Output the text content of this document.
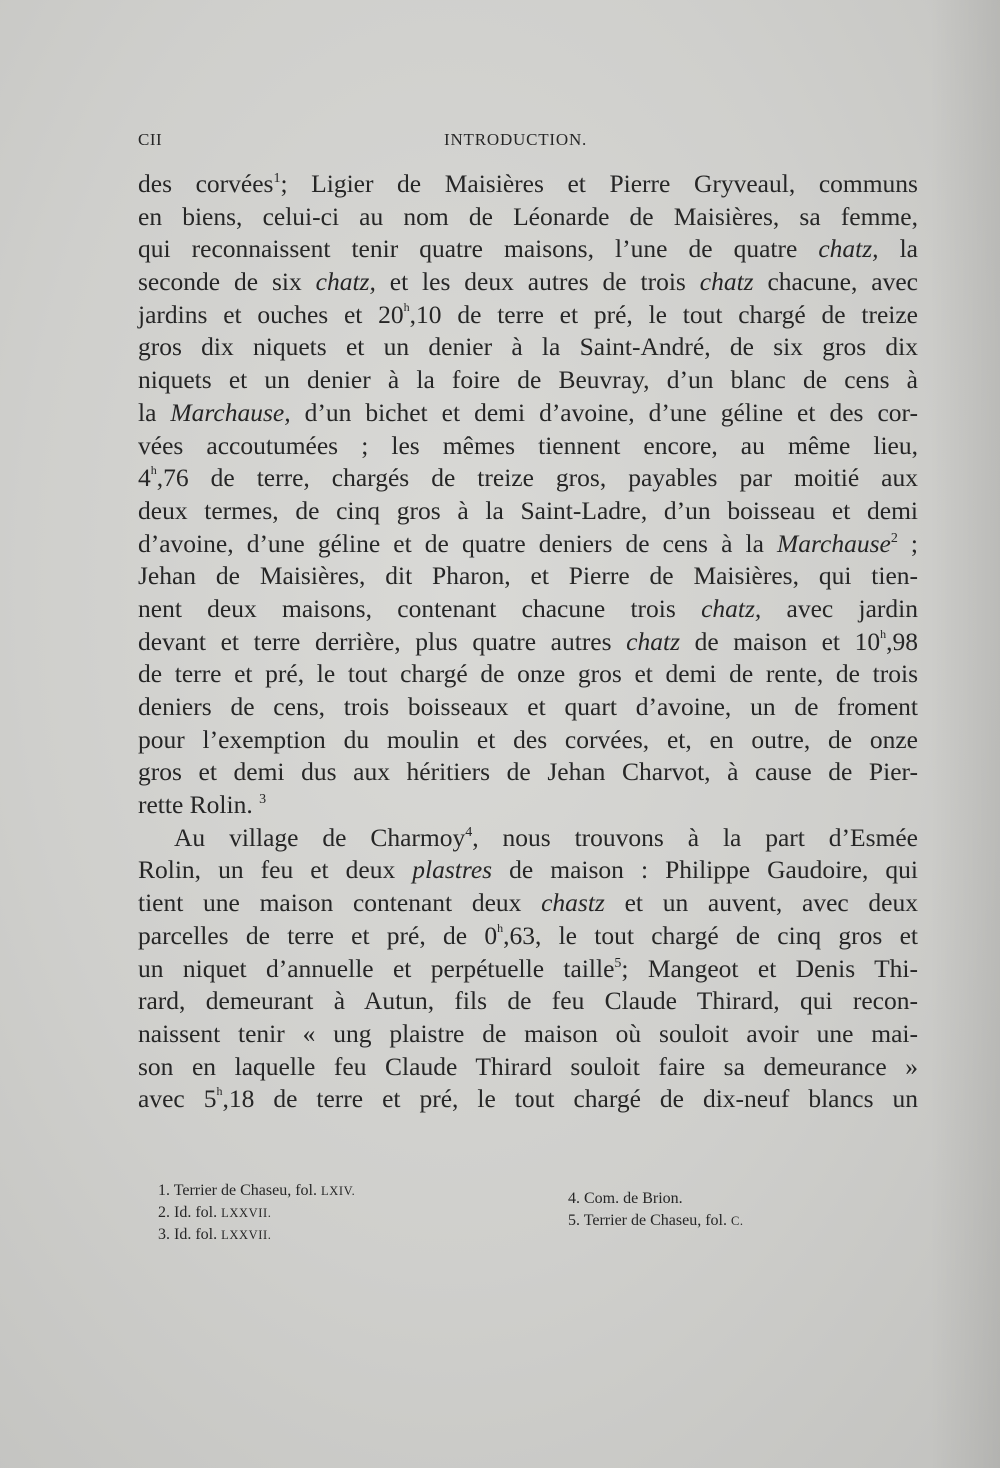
CII	INTRODUCTION.
des corvées$^1$; Ligier de Maisières et Pierre Gryveaul, communs
en biens, celui-ci au nom de Léonarde de Maisières, sa femme,
qui reconnaissent tenir quatre maisons, l’une de quatre chatz, la
seconde de six chatz, et les deux autres de trois chatz chacune, avec
jardins et ouches et 20$^h$,10 de terre et pré, le tout chargé de treize
gros dix niquets et un denier à la Saint-André, de six gros dix
niquets et un denier à la foire de Beuvray, d’un blanc de cens à
la Marchause, d’un bichet et demi d’avoine, d’une géline et des cor-
vées accoutumées ; les mêmes tiennent encore, au même lieu,
4$^h$,76 de terre, chargés de treize gros, payables par moitié aux
deux termes, de cinq gros à la Saint-Ladre, d’un boisseau et demi
d’avoine, d’une géline et de quatre deniers de cens à la Marchause$^2$ ;
Jehan de Maisières, dit Pharon, et Pierre de Maisières, qui tien-
nent deux maisons, contenant chacune trois chatz, avec jardin
devant et terre derrière, plus quatre autres chatz de maison et 10$^h$,98
de terre et pré, le tout chargé de onze gros et demi de rente, de trois
deniers de cens, trois boisseaux et quart d’avoine, un de froment
pour l’exemption du moulin et des corvées, et, en outre, de onze
gros et demi dus aux héritiers de Jehan Charvot, à cause de Pier-
rette Rolin. $^3$
Au village de Charmoy$^4$, nous trouvons à la part d’Esmée
Rolin, un feu et deux plastres de maison : Philippe Gaudoire, qui
tient une maison contenant deux chastz et un auvent, avec deux
parcelles de terre et pré, de 0$^h$,63, le tout chargé de cinq gros et
un niquet d’annuelle et perpétuelle taille$^5$; Mangeot et Denis Thi-
rard, demeurant à Autun, fils de feu Claude Thirard, qui recon-
naissent tenir « ung plaistre de maison où souloit avoir une mai-
son en laquelle feu Claude Thirard souloit faire sa demeurance »
avec 5$^h$,18 de terre et pré, le tout chargé de dix-neuf blancs un
1. Terrier de Chaseu, fol. LXIV.
2. Id. fol. LXXVII.
3. Id. fol. LXXVII.
4. Com. de Brion.
5. Terrier de Chaseu, fol. C.
